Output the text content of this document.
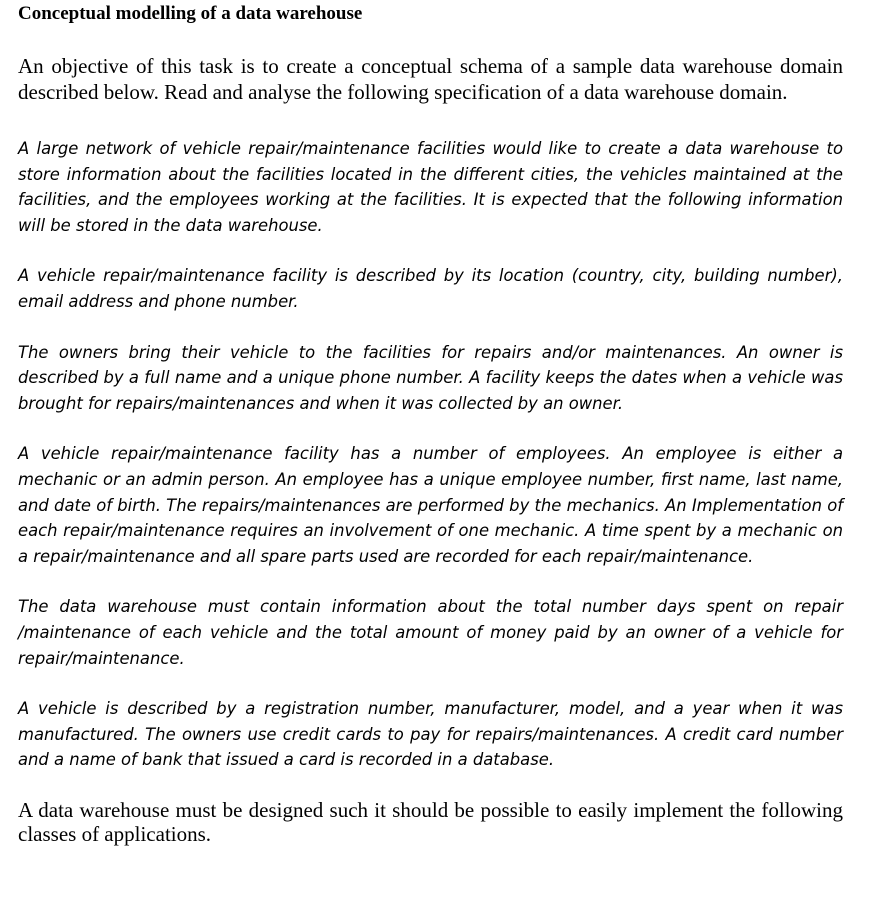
Conceptual modelling of a data warehouse

An objective of this task is to create a conceptual schema of a sample data warehouse domain described below. Read and analyse the following specification of a data warehouse domain.

A large network of vehicle repair/maintenance facilities would like to create a data warehouse to store information about the facilities located in the different cities, the vehicles maintained at the facilities, and the employees working at the facilities. It is expected that the following information will be stored in the data warehouse.

A vehicle repair/maintenance facility is described by its location (country, city, building number), email address and phone number.

The owners bring their vehicle to the facilities for repairs and/or maintenances. An owner is described by a full name and a unique phone number. A facility keeps the dates when a vehicle was brought for repairs/maintenances and when it was collected by an owner.

A vehicle repair/maintenance facility has a number of employees. An employee is either a mechanic or an admin person. An employee has a unique employee number, first name, last name, and date of birth. The repairs/maintenances are performed by the mechanics. An Implementation of each repair/maintenance requires an involvement of one mechanic. A time spent by a mechanic on a repair/maintenance and all spare parts used are recorded for each repair/maintenance.

The data warehouse must contain information about the total number days spent on repair /maintenance of each vehicle and the total amount of money paid by an owner of a vehicle for repair/maintenance.

A vehicle is described by a registration number, manufacturer, model, and a year when it was manufactured. The owners use credit cards to pay for repairs/maintenances. A credit card number and a name of bank that issued a card is recorded in a database.

A data warehouse must be designed such it should be possible to easily implement the following classes of applications.
